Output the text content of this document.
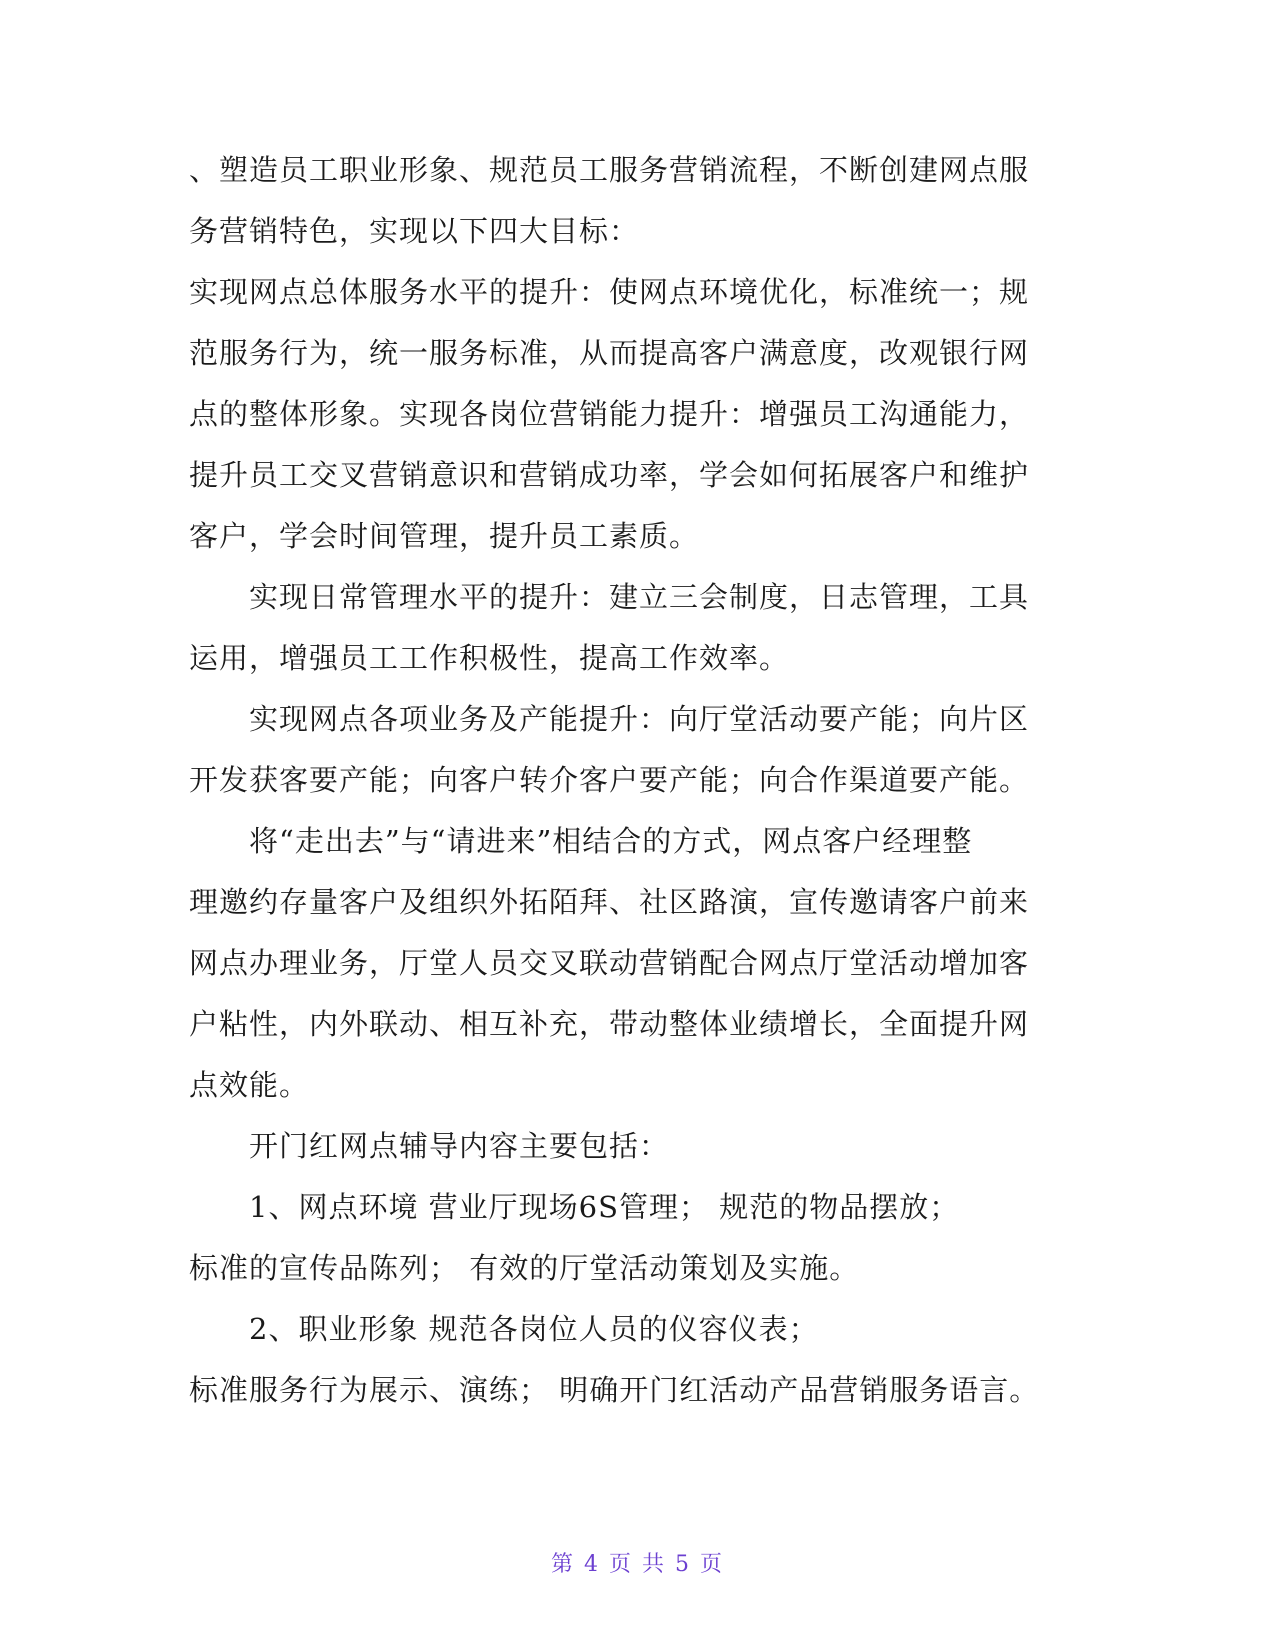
、塑造员工职业形象、规范员工服务营销流程，不断创建网点服
务营销特色，实现以下四大目标：
实现网点总体服务水平的提升：使网点环境优化，标准统一；规
范服务行为，统一服务标准，从而提高客户满意度，改观银行网
点的整体形象。实现各岗位营销能力提升：增强员工沟通能力，
提升员工交叉营销意识和营销成功率，学会如何拓展客户和维护
客户，学会时间管理，提升员工素质。
实现日常管理水平的提升：建立三会制度，日志管理，工具
运用，增强员工工作积极性，提高工作效率。
实现网点各项业务及产能提升：向厅堂活动要产能；向片区
开发获客要产能；向客户转介客户要产能；向合作渠道要产能。
将“走出去”与“请进来”相结合的方式，网点客户经理整
理邀约存量客户及组织外拓陌拜、社区路演，宣传邀请客户前来
网点办理业务，厅堂人员交叉联动营销配合网点厅堂活动增加客
户粘性，内外联动、相互补充，带动整体业绩增长，全面提升网
点效能。
开门红网点辅导内容主要包括：
1、网点环境 营业厅现场6S管理； 规范的物品摆放；
标准的宣传品陈列； 有效的厅堂活动策划及实施。
2、职业形象 规范各岗位人员的仪容仪表；
标准服务行为展示、演练； 明确开门红活动产品营销服务语言。
第 4 页 共 5 页
